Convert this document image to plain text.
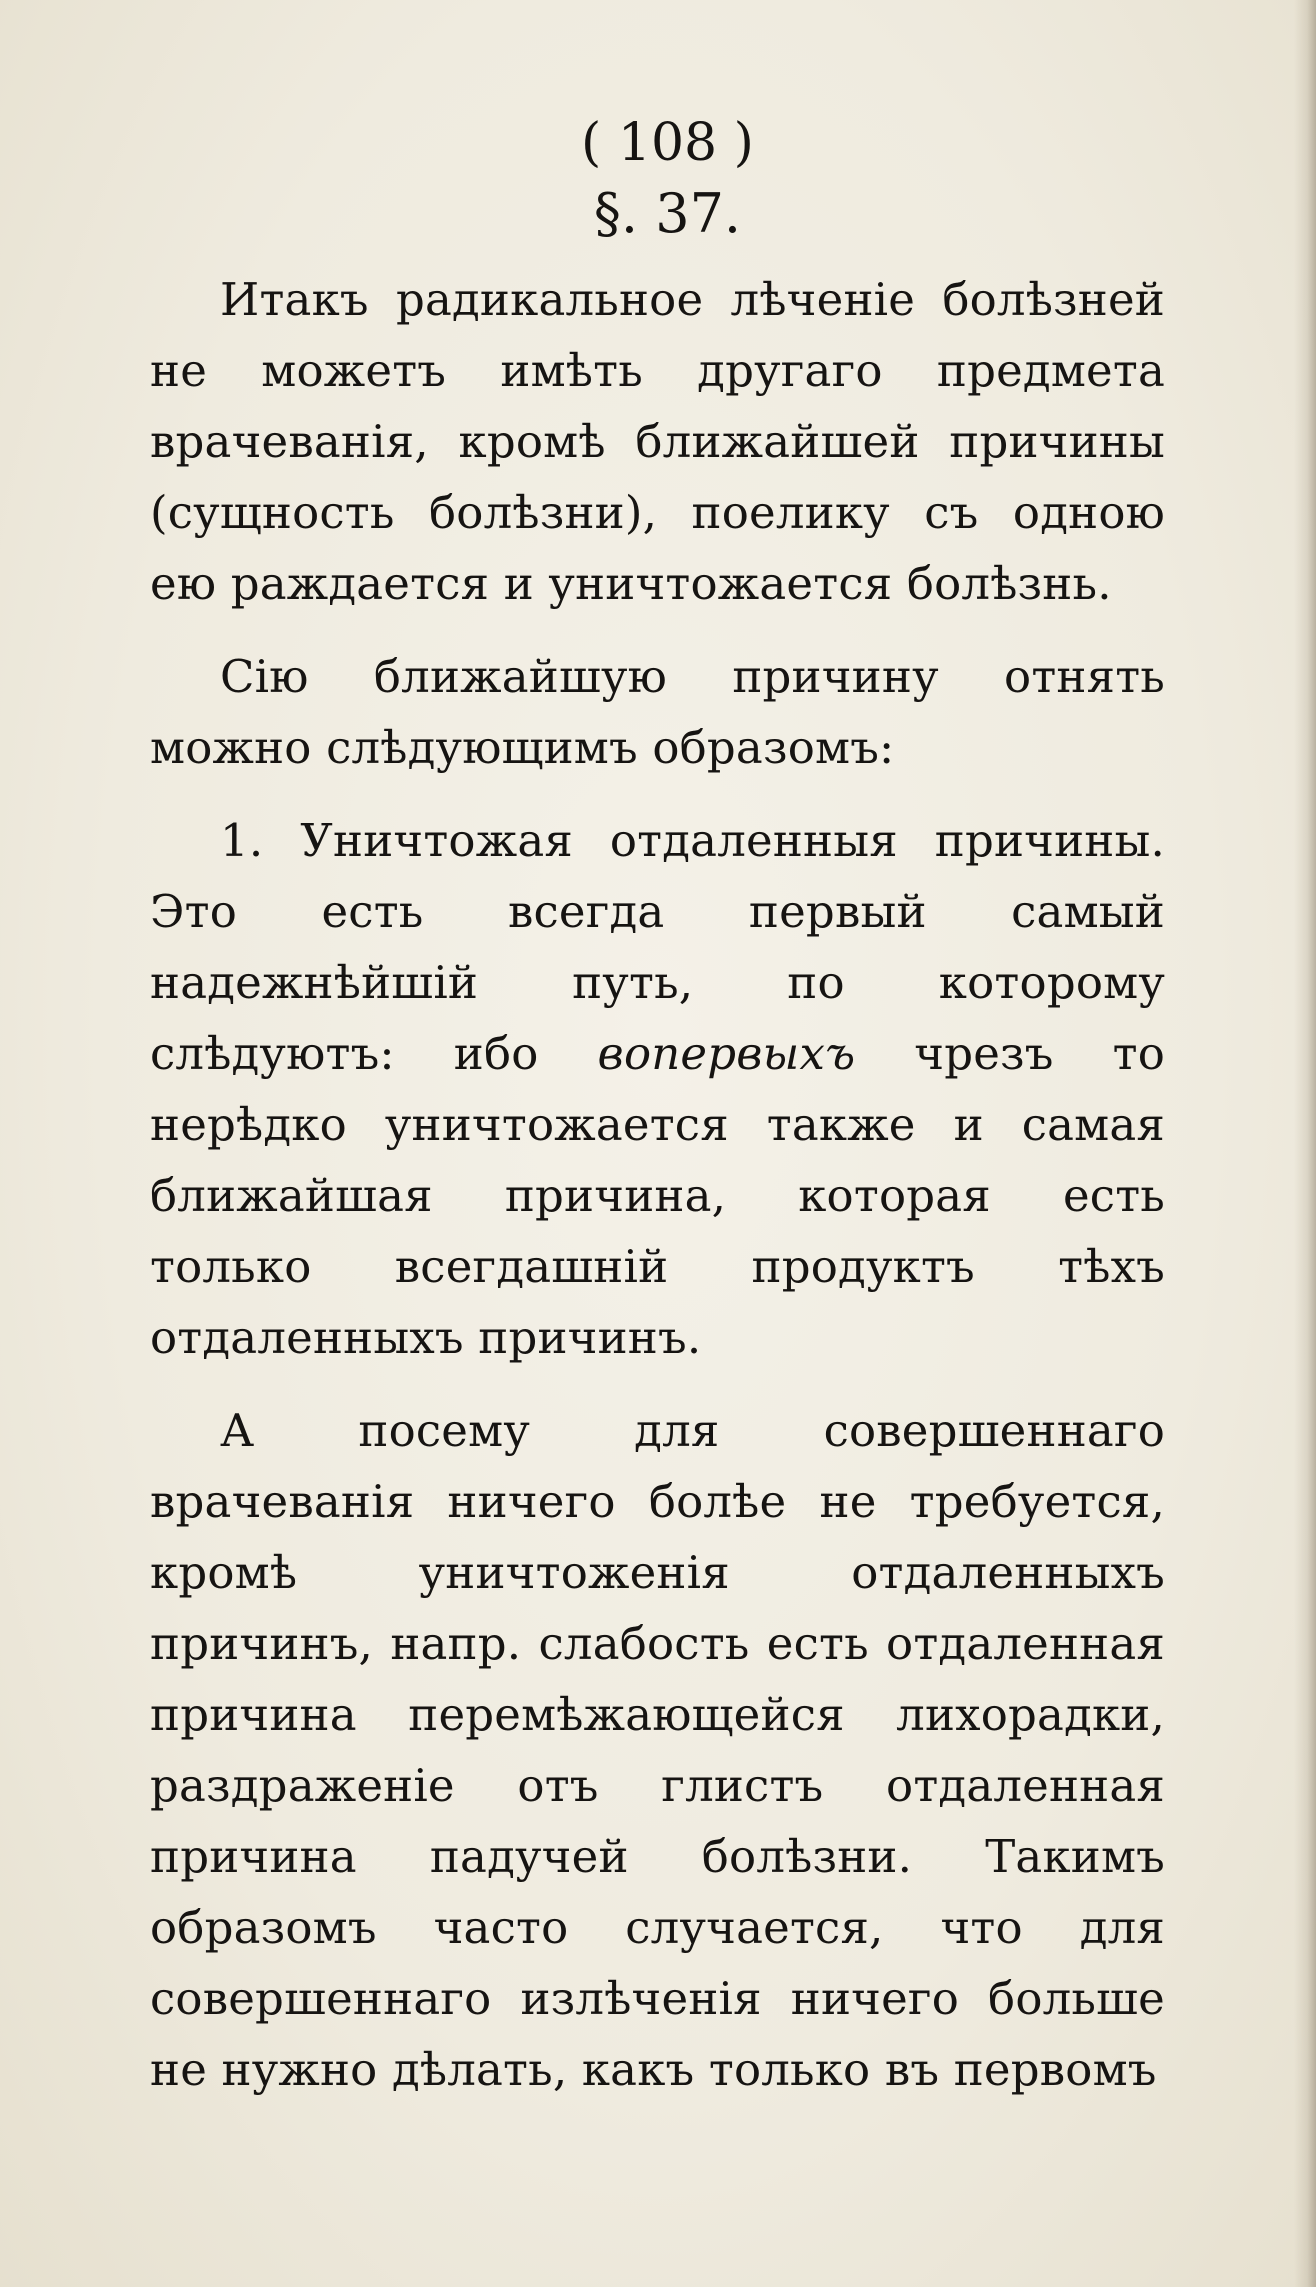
( 108 )

§. 37.

Итакъ радикальное лѣченіе болѣзней не можетъ имѣть другаго предмета врачеванія, кромѣ ближайшей причины (сущность болѣзни), поелику съ одною ею раждается и уничтожается болѣзнь.

Сію ближайшую причину отнять можно слѣдующимъ образомъ:

1. Уничтожая отдаленныя причины. Это есть всегда первый самый надежнѣйшій путь, по которому слѣдуютъ: ибо вопервыхъ чрезъ то нерѣдко уничтожается также и самая ближайшая причина, которая есть только всегдашній продуктъ тѣхъ отдаленныхъ причинъ.

А посему для совершеннаго врачеванія ничего болѣе не требуется, кромѣ уничтоженія отдаленныхъ причинъ, напр. слабость есть отдаленная причина перемѣжающейся лихорадки, раздраженіе отъ глистъ отдаленная причина падучей болѣзни. Такимъ образомъ часто случается, что для совершеннаго излѣченія ничего больше не нужно дѣлать, какъ только въ первомъ
